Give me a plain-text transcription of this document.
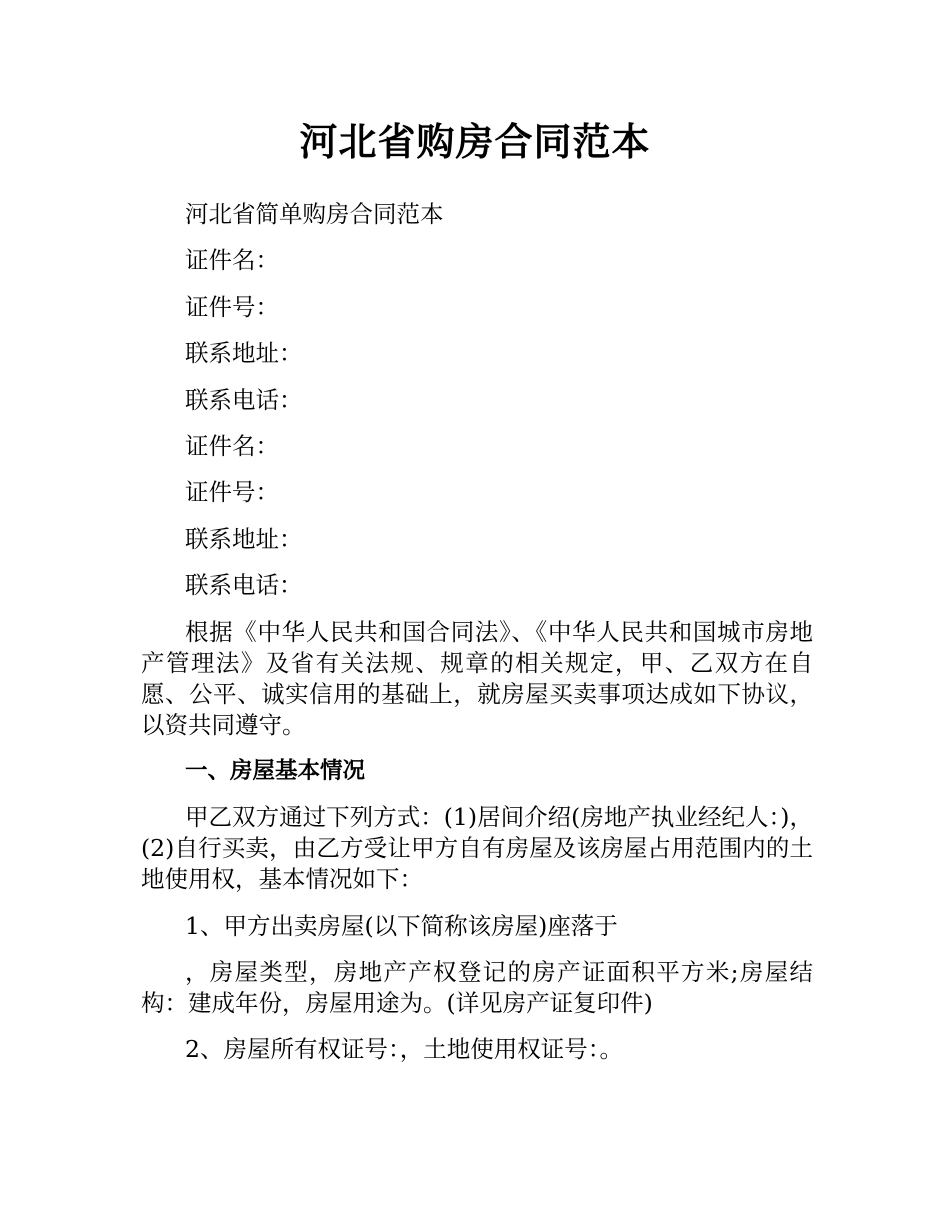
河北省购房合同范本

河北省简单购房合同范本

证件名：

证件号：

联系地址：

联系电话：

证件名：

证件号：

联系地址：

联系电话：

根据《中华人民共和国合同法》、《中华人民共和国城市房地产管理法》及省有关法规、规章的相关规定，甲、乙双方在自愿、公平、诚实信用的基础上，就房屋买卖事项达成如下协议，以资共同遵守。

一、房屋基本情况

甲乙双方通过下列方式：(1)居间介绍(房地产执业经纪人：)，(2)自行买卖，由乙方受让甲方自有房屋及该房屋占用范围内的土地使用权，基本情况如下：

1、甲方出卖房屋(以下简称该房屋)座落于

，房屋类型，房地产产权登记的房产证面积平方米;房屋结构：建成年份，房屋用途为。(详见房产证复印件)

2、房屋所有权证号：，土地使用权证号：。
